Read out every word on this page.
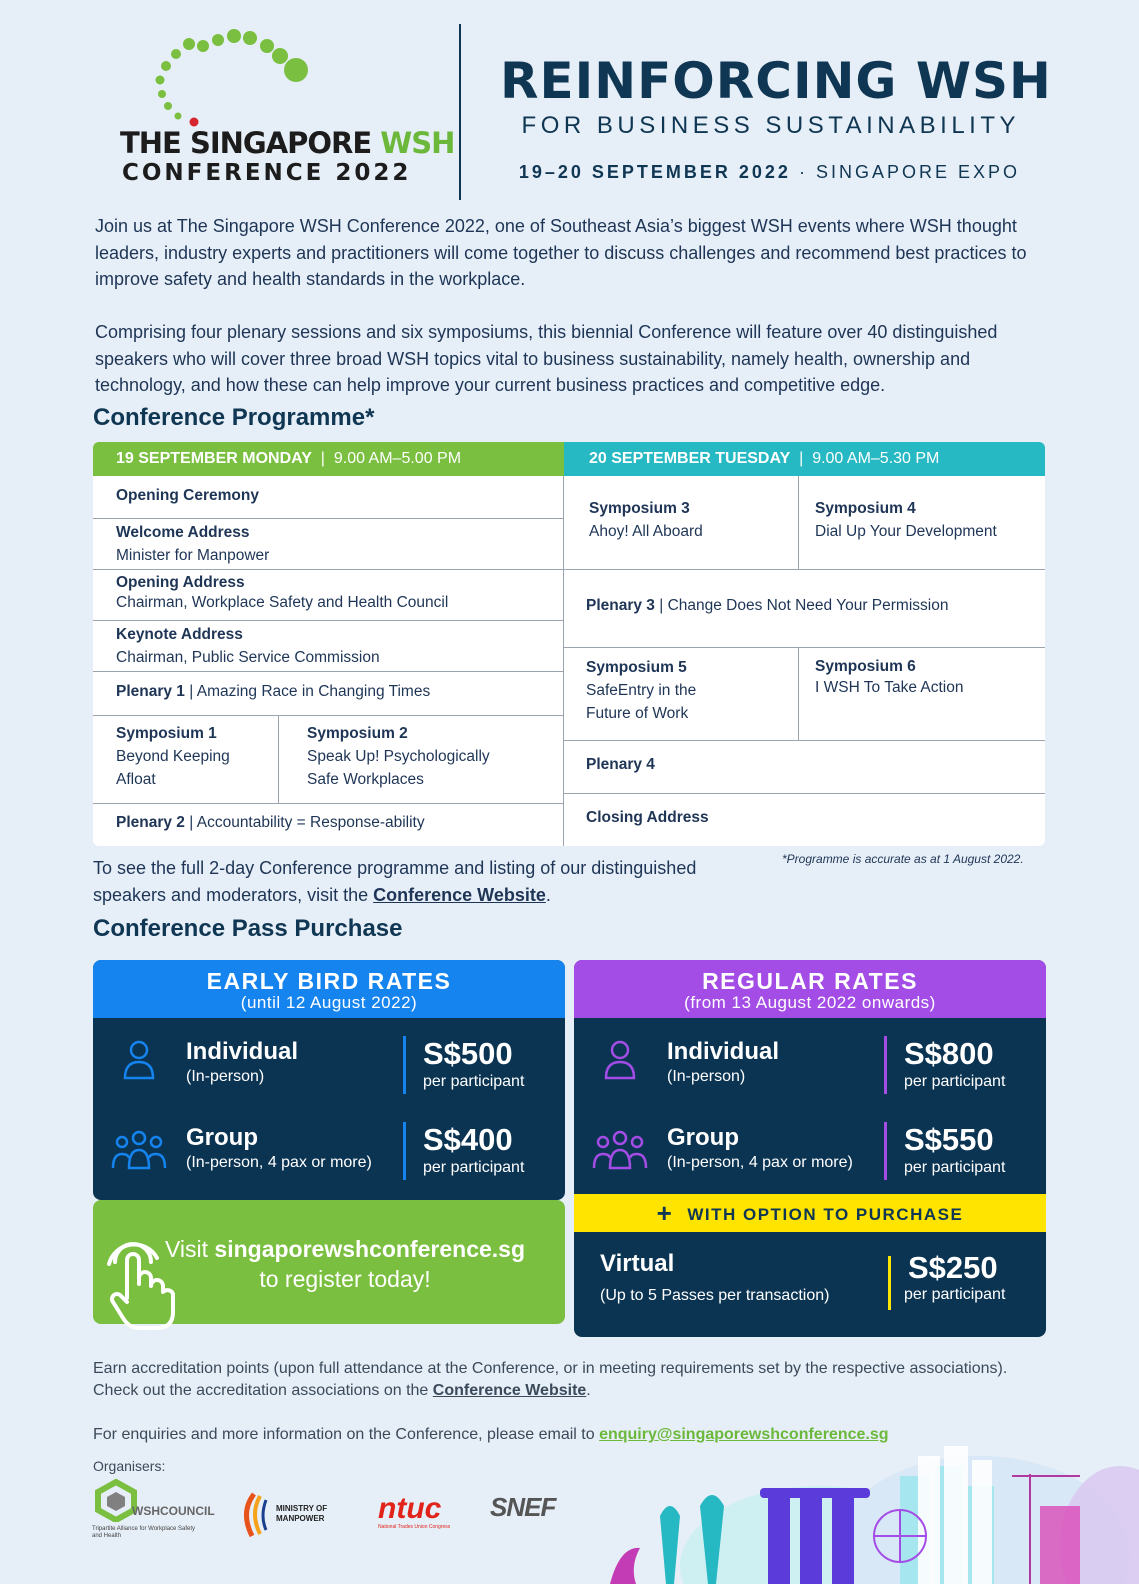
THE SINGAPORE WSH
CONFERENCE 2022
REINFORCING WSH
FOR BUSINESS SUSTAINABILITY
19–20 SEPTEMBER 2022 · SINGAPORE EXPO
Join us at The Singapore WSH Conference 2022, one of Southeast Asia’s biggest WSH events where WSH thought leaders, industry experts and practitioners will come together to discuss challenges and recommend best practices to improve safety and health standards in the workplace.
Comprising four plenary sessions and six symposiums, this biennial Conference will feature over 40 distinguished speakers who will cover three broad WSH topics vital to business sustainability, namely health, ownership and technology, and how these can help improve your current business practices and competitive edge.
Conference Programme*
19 SEPTEMBER MONDAY  |  9.00 AM–5.00 PM	20 SEPTEMBER TUESDAY  |  9.00 AM–5.30 PM
Opening Ceremony
Welcome Address
Minister for Manpower
Opening Address
Chairman, Workplace Safety and Health Council
Keynote Address
Chairman, Public Service Commission
Plenary 1 | Amazing Race in Changing Times
Symposium 1
Beyond Keeping
Afloat
Symposium 2
Speak Up! Psychologically
Safe Workplaces
Plenary 2 | Accountability = Response-ability
Symposium 3
Ahoy! All Aboard
Symposium 4
Dial Up Your Development
Plenary 3 | Change Does Not Need Your Permission
Symposium 5
SafeEntry in the
Future of Work
Symposium 6
I WSH To Take Action
Plenary 4
Closing Address
*Programme is accurate as at 1 August 2022.
To see the full 2-day Conference programme and listing of our distinguished speakers and moderators, visit the Conference Website.
Conference Pass Purchase
EARLY BIRD RATES
(until 12 August 2022)
Individual
(In-person)
S$500
per participant
Group
(In-person, 4 pax or more)
S$400
per participant
REGULAR RATES
(from 13 August 2022 onwards)
Individual
(In-person)
S$800
per participant
Group
(In-person, 4 pax or more)
S$550
per participant
+ WITH OPTION TO PURCHASE
Virtual
(Up to 5 Passes per transaction)
S$250
per participant
Visit singaporewshconference.sg
to register today!
Earn accreditation points (upon full attendance at the Conference, or in meeting requirements set by the respective associations). Check out the accreditation associations on the Conference Website.
For enquiries and more information on the Conference, please email to enquiry@singaporewshconference.sg
Organisers:
WSHCOUNCIL
Tripartite Alliance for Workplace Safety and Health
MINISTRY OF
MANPOWER ntuc
National Trades Union Congress
SNEF
